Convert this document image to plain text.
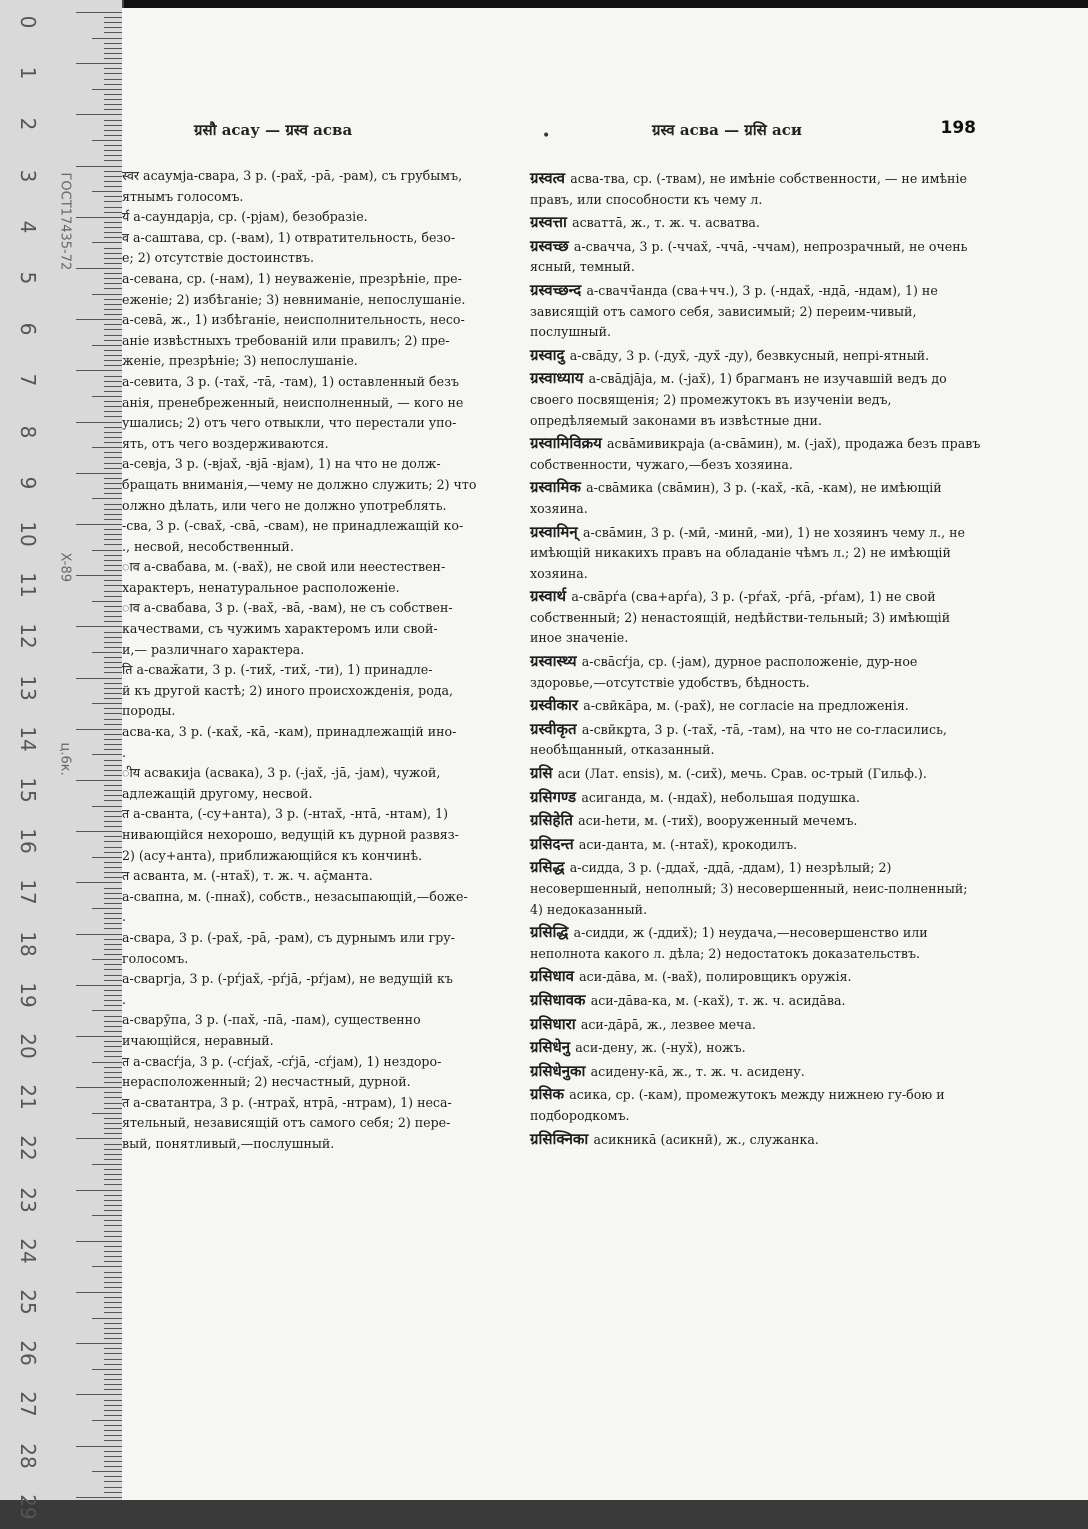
0
1
2
3
4
5
6
7
8
9
10
11
12
13
14
15
16
17
18
19
20
21
22
23
24
25
26
27
28
29
ГОСТ17435-72
X-89
ц.6к.
ग्रसौ асау — ग्रस्व асва	•	ग्रस्व асва — ग्रसि аси	198
स्वर асаумја-свара, 3 р. (-рах̆, -ра̄, -рам), съ грубымъ,
ятнымъ голосомъ.
र्य а-саундарја, ср. (-рјам), безобразіе.
व а-саштава, ср. (-вам), 1) отвратительность, безо-
е; 2) отсутствіе достоинствъ.
а-севана, ср. (-нам), 1) неуваженіе, презрѣніе, пре-
еженіе; 2) избѣганіе; 3) невниманіе, непослушаніе.
а-сева̄, ж., 1) избѣганіе, неисполнительность, несо-
аніе извѣстныхъ требованій или правилъ; 2) пре-
женіе, презрѣніе; 3) непослушаніе.
а-севита, 3 р. (-тах̆, -та̄, -там), 1) оставленный безъ
анія, пренебреженный, неисполненный, — кого не
ушались; 2) отъ чего отвыкли, что перестали упо-
ять, отъ чего воздерживаются.
а-севја, 3 р. (-вјах̆, -вја̄ -вјам), 1) на что не долж-
бращать вниманія,—чему не должно служить; 2) что
олжно дѣлать, или чего не должно употреблять.
-сва, 3 р. (-свах̆, -сва̄, -свам), не принадлежащій ко-
., несвой, несобственный.
ाव а-свабава, м. (-вах̆), не свой или неестествен-
характеръ, ненатуральное расположеніе.
ाव а-свабава, 3 р. (-вах̆, -ва̄, -вам), не съ собствен-
качествами, съ чужимъ характеромъ или свой-
и,— различнаго характера.
ति а-сваӂати, 3 р. (-тих̆, -тих̆, -ти), 1) принадле-
й къ другой кастѣ; 2) иного происхожденія, рода,
породы.
асва-ка, 3 р. (-ках̆, -ка̄, -кам), принадлежащій ино-
.
ीय асвакија (асвака), 3 р. (-јах̆, -ја̄, -јам), чужой,
адлежащій другому, несвой.
त а-сванта, (-су+анта), 3 р. (-нтах̆, -нта̄, -нтам), 1)
нивающійся нехорошо, ведущій къ дурной развяз-
2) (асу+анта), приближающійся къ кончинѣ.
त асванта, м. (-нтах̆), т. ж. ч. аç̄манта.
а-свапна, м. (-пнах̆), собств., незасыпающій,—боже-
.
а-свара, 3 р. (-рах̆, -ра̄, -рам), съ дурнымъ или гру-
голосомъ.
а-сваргја, 3 р. (-рѓјах̆, -рѓја̄, -рѓјам), не ведущій къ
.
а-сварӯпа, 3 р. (-пах̆, -па̄, -пам), существенно
ичающійся, неравный.
त а-свасѓја, 3 р. (-сѓјах̆, -сѓја̄, -сѓјам), 1) нездоро-
нерасположенный; 2) несчастный, дурной.
त а-сватантра, 3 р. (-нтрах̆, нтра̄, -нтрам), 1) несa-
ятельный, независящій отъ самого себя; 2) пере-
вый, понятливый,—послушный.
ग्रस्वत्व асва-тва, ср. (-твам), не имѣніе собственности, — не имѣніе правъ, или способности къ чему л.
ग्रस्वत्ता асватта̄, ж., т. ж. ч. асватва.
ग्रस्वच्छ а-свачча, 3 р. (-ччах̆, -чча̄, -ччам), непрозрачный, не очень ясный, темный.
ग्रस्वच्छन्द а-свачч̆анда (сва+чч.), 3 р. (-ндах̆, -нда̄, -ндам), 1) не зависящій отъ самого себя, зависимый; 2) переим-чивый, послушный.
ग्रस्वादु а-сва̄ду, 3 р. (-дух̆, -дух̆ -ду), безвкусный, непрі-ятный.
ग्रस्वाध्याय а-сва̄дја̄ја, м. (-јах̆), 1) брагманъ не изучавшій ведъ до своего посвященія; 2) промежутокъ въ изученіи ведъ, опредѣляемый законами въ извѣстные дни.
ग्रस्वामिविक्रय асва̄мивикраја (а-сва̄мин), м. (-јах̆), продажа безъ правъ собственности, чужаго,—безъ хозяина.
ग्रस्वामिक а-сва̄мика (сва̄мин), 3 р. (-ках̆, -ка̄, -кам), не имѣющій хозяина.
ग्रस्वामिन् а-сва̄мин, 3 р. (-мӣ, -минӣ, -ми), 1) не хозяинъ чему л., не имѣющій никакихъ правъ на обладаніе чѣмъ л.; 2) не имѣющій хозяина.
ग्रस्वार्थ а-сва̄рѓа (сва+арѓа), 3 р. (-рѓах̆, -рѓа̄, -рѓам), 1) не свой собственный; 2) ненастоящій, недѣйстви-тельный; 3) имѣющій иное значеніе.
ग्रस्वास्थ्य а-сва̄сѓја, ср. (-јам), дурное расположеніе, дур-ное здоровье,—отсутствіе удобствъ, бѣдность.
ग्रस्वीकार а-свӣка̄ра, м. (-рах̆), не согласіе на предложенія.
ग्रस्वीकृत а-свӣкр̥та, 3 р. (-тах̆, -та̄, -там), на что не со-гласились, необѣщанный, отказанный.
ग्रसि аси (Лат. ensis), м. (-сих̆), мечь. Срав. ос-трый (Гильф.).
ग्रसिगण्ड асиганда, м. (-ндах̆), небольшая подушка.
ग्रसिहेति аси-һети, м. (-тих̆), вооруженный мечемъ.
ग्रसिदन्त аси-данта, м. (-нтах̆), крокодилъ.
ग्रसिद्ध а-сидда, 3 р. (-ддах̆, -дда̄, -ддам), 1) незрѣлый; 2) несовершенный, неполный; 3) несовершенный, неис-полненный; 4) недоказанный.
ग्रसिद्धि а-сидди, ж (-ддих̆); 1) неудача,—несовершенство или неполнота какого л. дѣла; 2) недостатокъ доказательствъ.
ग्रसिधाव аси-да̄ва, м. (-вах̆), полировщикъ оружія.
ग्रसिधावक аси-да̄ва-ка, м. (-ках̆), т. ж. ч. асида̄ва.
ग्रसिधारा аси-да̄ра̄, ж., лезвее меча.
ग्रसिधेनु аси-дену, ж. (-нух̆), ножъ.
ग्रसिधेनुका асидену-ка̄, ж., т. ж. ч. асидену.
ग्रसिक асика, ср. (-кам), промежутокъ между нижнею гу-бою и подбородкомъ.
ग्रसिक्निका асикника̄ (асикнӣ), ж., служанка.
